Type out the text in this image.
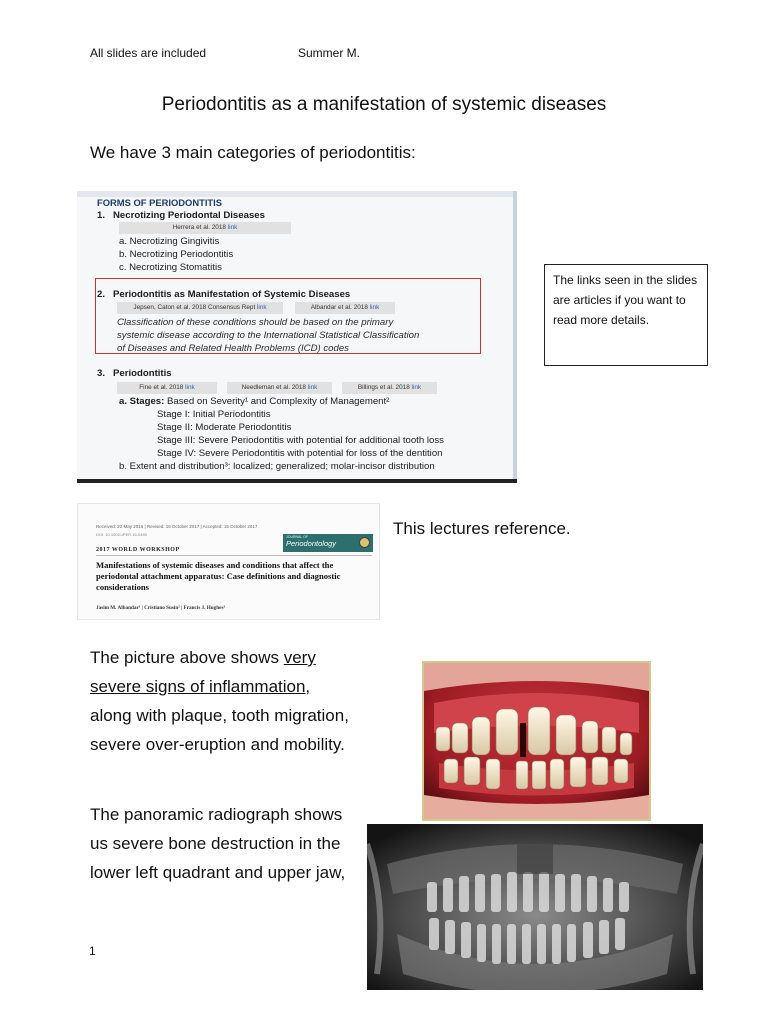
All slides are included	Summer M.
Periodontitis as a manifestation of systemic diseases
We have 3 main categories of periodontitis:
FORMS OF PERIODONTITIS
1. Necrotizing Periodontal Diseases
Herrera et al. 2018 link
a. Necrotizing Gingivitis
b. Necrotizing Periodontitis
c. Necrotizing Stomatitis
2. Periodontitis as Manifestation of Systemic Diseases
Jepsen, Caton et al. 2018 Consensus Rept link	Albandar et al. 2018 link
Classification of these conditions should be based on the primary
systemic disease according to the International Statistical Classification
of Diseases and Related Health Problems (ICD) codes
3. Periodontitis
Fine et al. 2018 link	Needleman et al. 2018 link	Billings et al. 2018 link
a. Stages: Based on Severity¹ and Complexity of Management²
Stage I: Initial Periodontitis
Stage II: Moderate Periodontitis
Stage III: Severe Periodontitis with potential for additional tooth loss
Stage IV: Severe Periodontitis with potential for loss of the dentition
b. Extent and distribution³: localized; generalized; molar-incisor distribution
The links seen in the slides are articles if you want to read more details.
Received: 22 May 2016 | Revised: 16 October 2017 | Accepted: 15 October 2017
DOI: 10.1002/JPER.16-0480	JOURNAL OF
Periodontology
2017 WORLD WORKSHOP
Manifestations of systemic diseases and conditions that affect the periodontal attachment apparatus: Case definitions and diagnostic considerations
Jasim M. Albandar¹ | Cristiano Susin² | Francis J. Hughes³
This lectures reference.
The picture above shows very severe signs of inflammation, along with plaque, tooth migration, severe over-eruption and mobility.
The panoramic radiograph shows us severe bone destruction in the lower left quadrant and upper jaw,
1
